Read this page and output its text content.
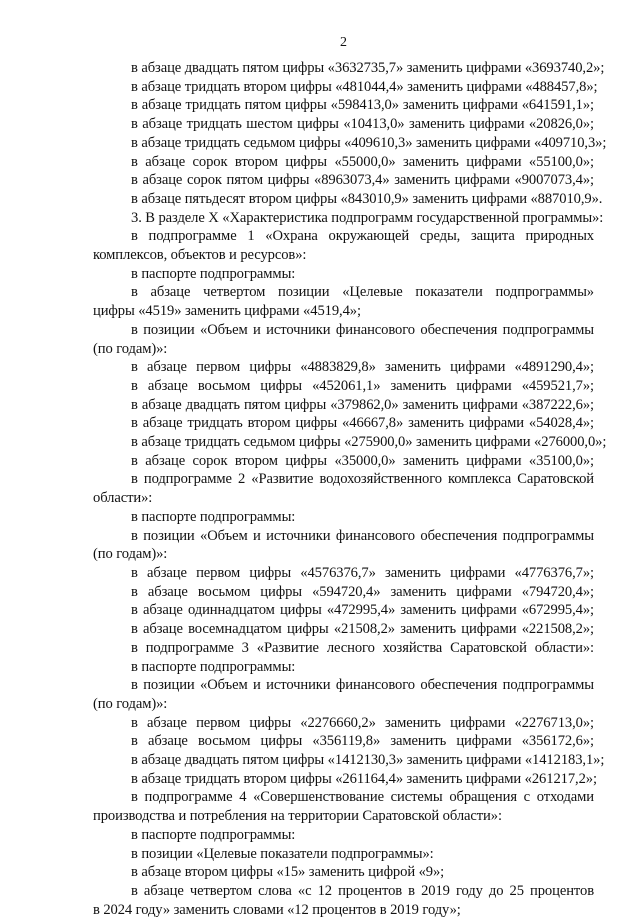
2
в абзаце двадцать пятом цифры «3632735,7» заменить цифрами «3693740,2»;
в абзаце тридцать втором цифры «481044,4» заменить цифрами «488457,8»;
в абзаце тридцать пятом цифры «598413,0» заменить цифрами «641591,1»;
в абзаце тридцать шестом цифры «10413,0» заменить цифрами «20826,0»;
в абзаце тридцать седьмом цифры «409610,3» заменить цифрами «409710,3»;
в абзаце сорок втором цифры «55000,0» заменить цифрами «55100,0»;
в абзаце сорок пятом цифры «8963073,4» заменить цифрами «9007073,4»;
в абзаце пятьдесят втором цифры «843010,9» заменить цифрами «887010,9».
3. В разделе X «Характеристика подпрограмм государственной программы»:
в подпрограмме 1 «Охрана окружающей среды, защита природных
комплексов, объектов и ресурсов»:
в паспорте подпрограммы:
в абзаце четвертом позиции «Целевые показатели подпрограммы»
цифры «4519» заменить цифрами «4519,4»;
в позиции «Объем и источники финансового обеспечения подпрограммы
(по годам)»:
в абзаце первом цифры «4883829,8» заменить цифрами «4891290,4»;
в абзаце восьмом цифры «452061,1» заменить цифрами «459521,7»;
в абзаце двадцать пятом цифры «379862,0» заменить цифрами «387222,6»;
в абзаце тридцать втором цифры «46667,8» заменить цифрами «54028,4»;
в абзаце тридцать седьмом цифры «275900,0» заменить цифрами «276000,0»;
в абзаце сорок втором цифры «35000,0» заменить цифрами «35100,0»;
в подпрограмме 2 «Развитие водохозяйственного комплекса Саратовской
области»:
в паспорте подпрограммы:
в позиции «Объем и источники финансового обеспечения подпрограммы
(по годам)»:
в абзаце первом цифры «4576376,7» заменить цифрами «4776376,7»;
в абзаце восьмом цифры «594720,4» заменить цифрами «794720,4»;
в абзаце одиннадцатом цифры «472995,4» заменить цифрами «672995,4»;
в абзаце восемнадцатом цифры «21508,2» заменить цифрами «221508,2»;
в подпрограмме 3 «Развитие лесного хозяйства Саратовской области»:
в паспорте подпрограммы:
в позиции «Объем и источники финансового обеспечения подпрограммы
(по годам)»:
в абзаце первом цифры «2276660,2» заменить цифрами «2276713,0»;
в абзаце восьмом цифры «356119,8» заменить цифрами «356172,6»;
в абзаце двадцать пятом цифры «1412130,3» заменить цифрами «1412183,1»;
в абзаце тридцать втором цифры «261164,4» заменить цифрами «261217,2»;
в подпрограмме 4 «Совершенствование системы обращения с отходами
производства и потребления на территории Саратовской области»:
в паспорте подпрограммы:
в позиции «Целевые показатели подпрограммы»:
в абзаце втором цифры «15» заменить цифрой «9»;
в абзаце четвертом слова «с 12 процентов в 2019 году до 25 процентов
в 2024 году» заменить словами «12 процентов в 2019 году»;
